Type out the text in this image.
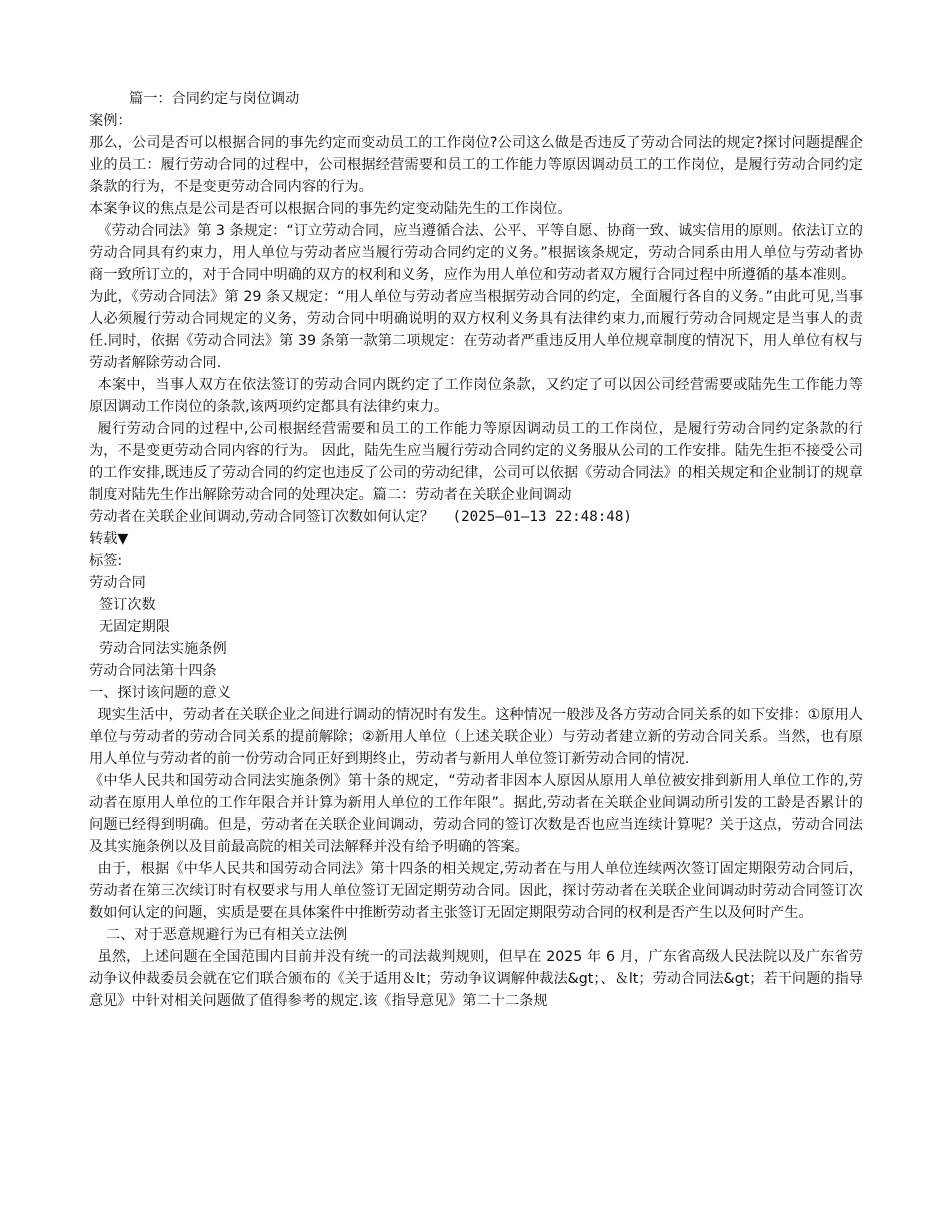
篇一：合同约定与岗位调动

案例：

那么，公司是否可以根据合同的事先约定而变动员工的工作岗位?公司这么做是否违反了劳动合同法的规定?探讨问题提醒企业的员工：履行劳动合同的过程中，公司根据经营需要和员工的工作能力等原因调动员工的工作岗位，是履行劳动合同约定条款的行为，不是变更劳动合同内容的行为。

本案争议的焦点是公司是否可以根据合同的事先约定变动陆先生的工作岗位。

《劳动合同法》第 3 条规定：“订立劳动合同，应当遵循合法、公平、平等自愿、协商一致、诚实信用的原则。依法订立的劳动合同具有约束力，用人单位与劳动者应当履行劳动合同约定的义务。”根据该条规定，劳动合同系由用人单位与劳动者协商一致所订立的，对于合同中明确的双方的权利和义务，应作为用人单位和劳动者双方履行合同过程中所遵循的基本准则。

为此，《劳动合同法》第 29 条又规定：“用人单位与劳动者应当根据劳动合同的约定，全面履行各自的义务。”由此可见,当事人必须履行劳动合同规定的义务，劳动合同中明确说明的双方权利义务具有法律约束力,而履行劳动合同规定是当事人的责任.同时，依据《劳动合同法》第 39 条第一款第二项规定：在劳动者严重违反用人单位规章制度的情况下，用人单位有权与劳动者解除劳动合同.

本案中，当事人双方在依法签订的劳动合同内既约定了工作岗位条款，又约定了可以因公司经营需要或陆先生工作能力等原因调动工作岗位的条款,该两项约定都具有法律约束力。

履行劳动合同的过程中,公司根据经营需要和员工的工作能力等原因调动员工的工作岗位，是履行劳动合同约定条款的行为，不是变更劳动合同内容的行为。 因此，陆先生应当履行劳动合同约定的义务服从公司的工作安排。陆先生拒不接受公司的工作安排,既违反了劳动合同的约定也违反了公司的劳动纪律，公司可以依据《劳动合同法》的相关规定和企业制订的规章制度对陆先生作出解除劳动合同的处理决定。篇二：劳动者在关联企业间调动

劳动者在关联企业间调动,劳动合同签订次数如何认定？ (2025—01—13 22:48:48)

转载▼

标签:

劳动合同

签订次数

无固定期限

劳动合同法实施条例

劳动合同法第十四条

一、探讨该问题的意义

现实生活中，劳动者在关联企业之间进行调动的情况时有发生。这种情况一般涉及各方劳动合同关系的如下安排：①原用人单位与劳动者的劳动合同关系的提前解除；②新用人单位（上述关联企业）与劳动者建立新的劳动合同关系。当然，也有原用人单位与劳动者的前一份劳动合同正好到期终止，劳动者与新用人单位签订新劳动合同的情况.

《中华人民共和国劳动合同法实施条例》第十条的规定，“劳动者非因本人原因从原用人单位被安排到新用人单位工作的,劳动者在原用人单位的工作年限合并计算为新用人单位的工作年限”。据此,劳动者在关联企业间调动所引发的工龄是否累计的问题已经得到明确。但是，劳动者在关联企业间调动，劳动合同的签订次数是否也应当连续计算呢？关于这点，劳动合同法及其实施条例以及目前最高院的相关司法解释并没有给予明确的答案。

由于，根据《中华人民共和国劳动合同法》第十四条的相关规定,劳动者在与用人单位连续两次签订固定期限劳动合同后，劳动者在第三次续订时有权要求与用人单位签订无固定期劳动合同。因此，探讨劳动者在关联企业间调动时劳动合同签订次数如何认定的问题，实质是要在具体案件中推断劳动者主张签订无固定期限劳动合同的权利是否产生以及何时产生。

二、对于恶意规避行为已有相关立法例

虽然，上述问题在全国范围内目前并没有统一的司法裁判规则，但早在 2025 年 6 月，广东省高级人民法院以及广东省劳动争议仲裁委员会就在它们联合颁布的《关于适用＆lt；劳动争议调解仲裁法&gt；、＆lt；劳动合同法&gt；若干问题的指导意见》中针对相关问题做了值得参考的规定.该《指导意见》第二十二条规
